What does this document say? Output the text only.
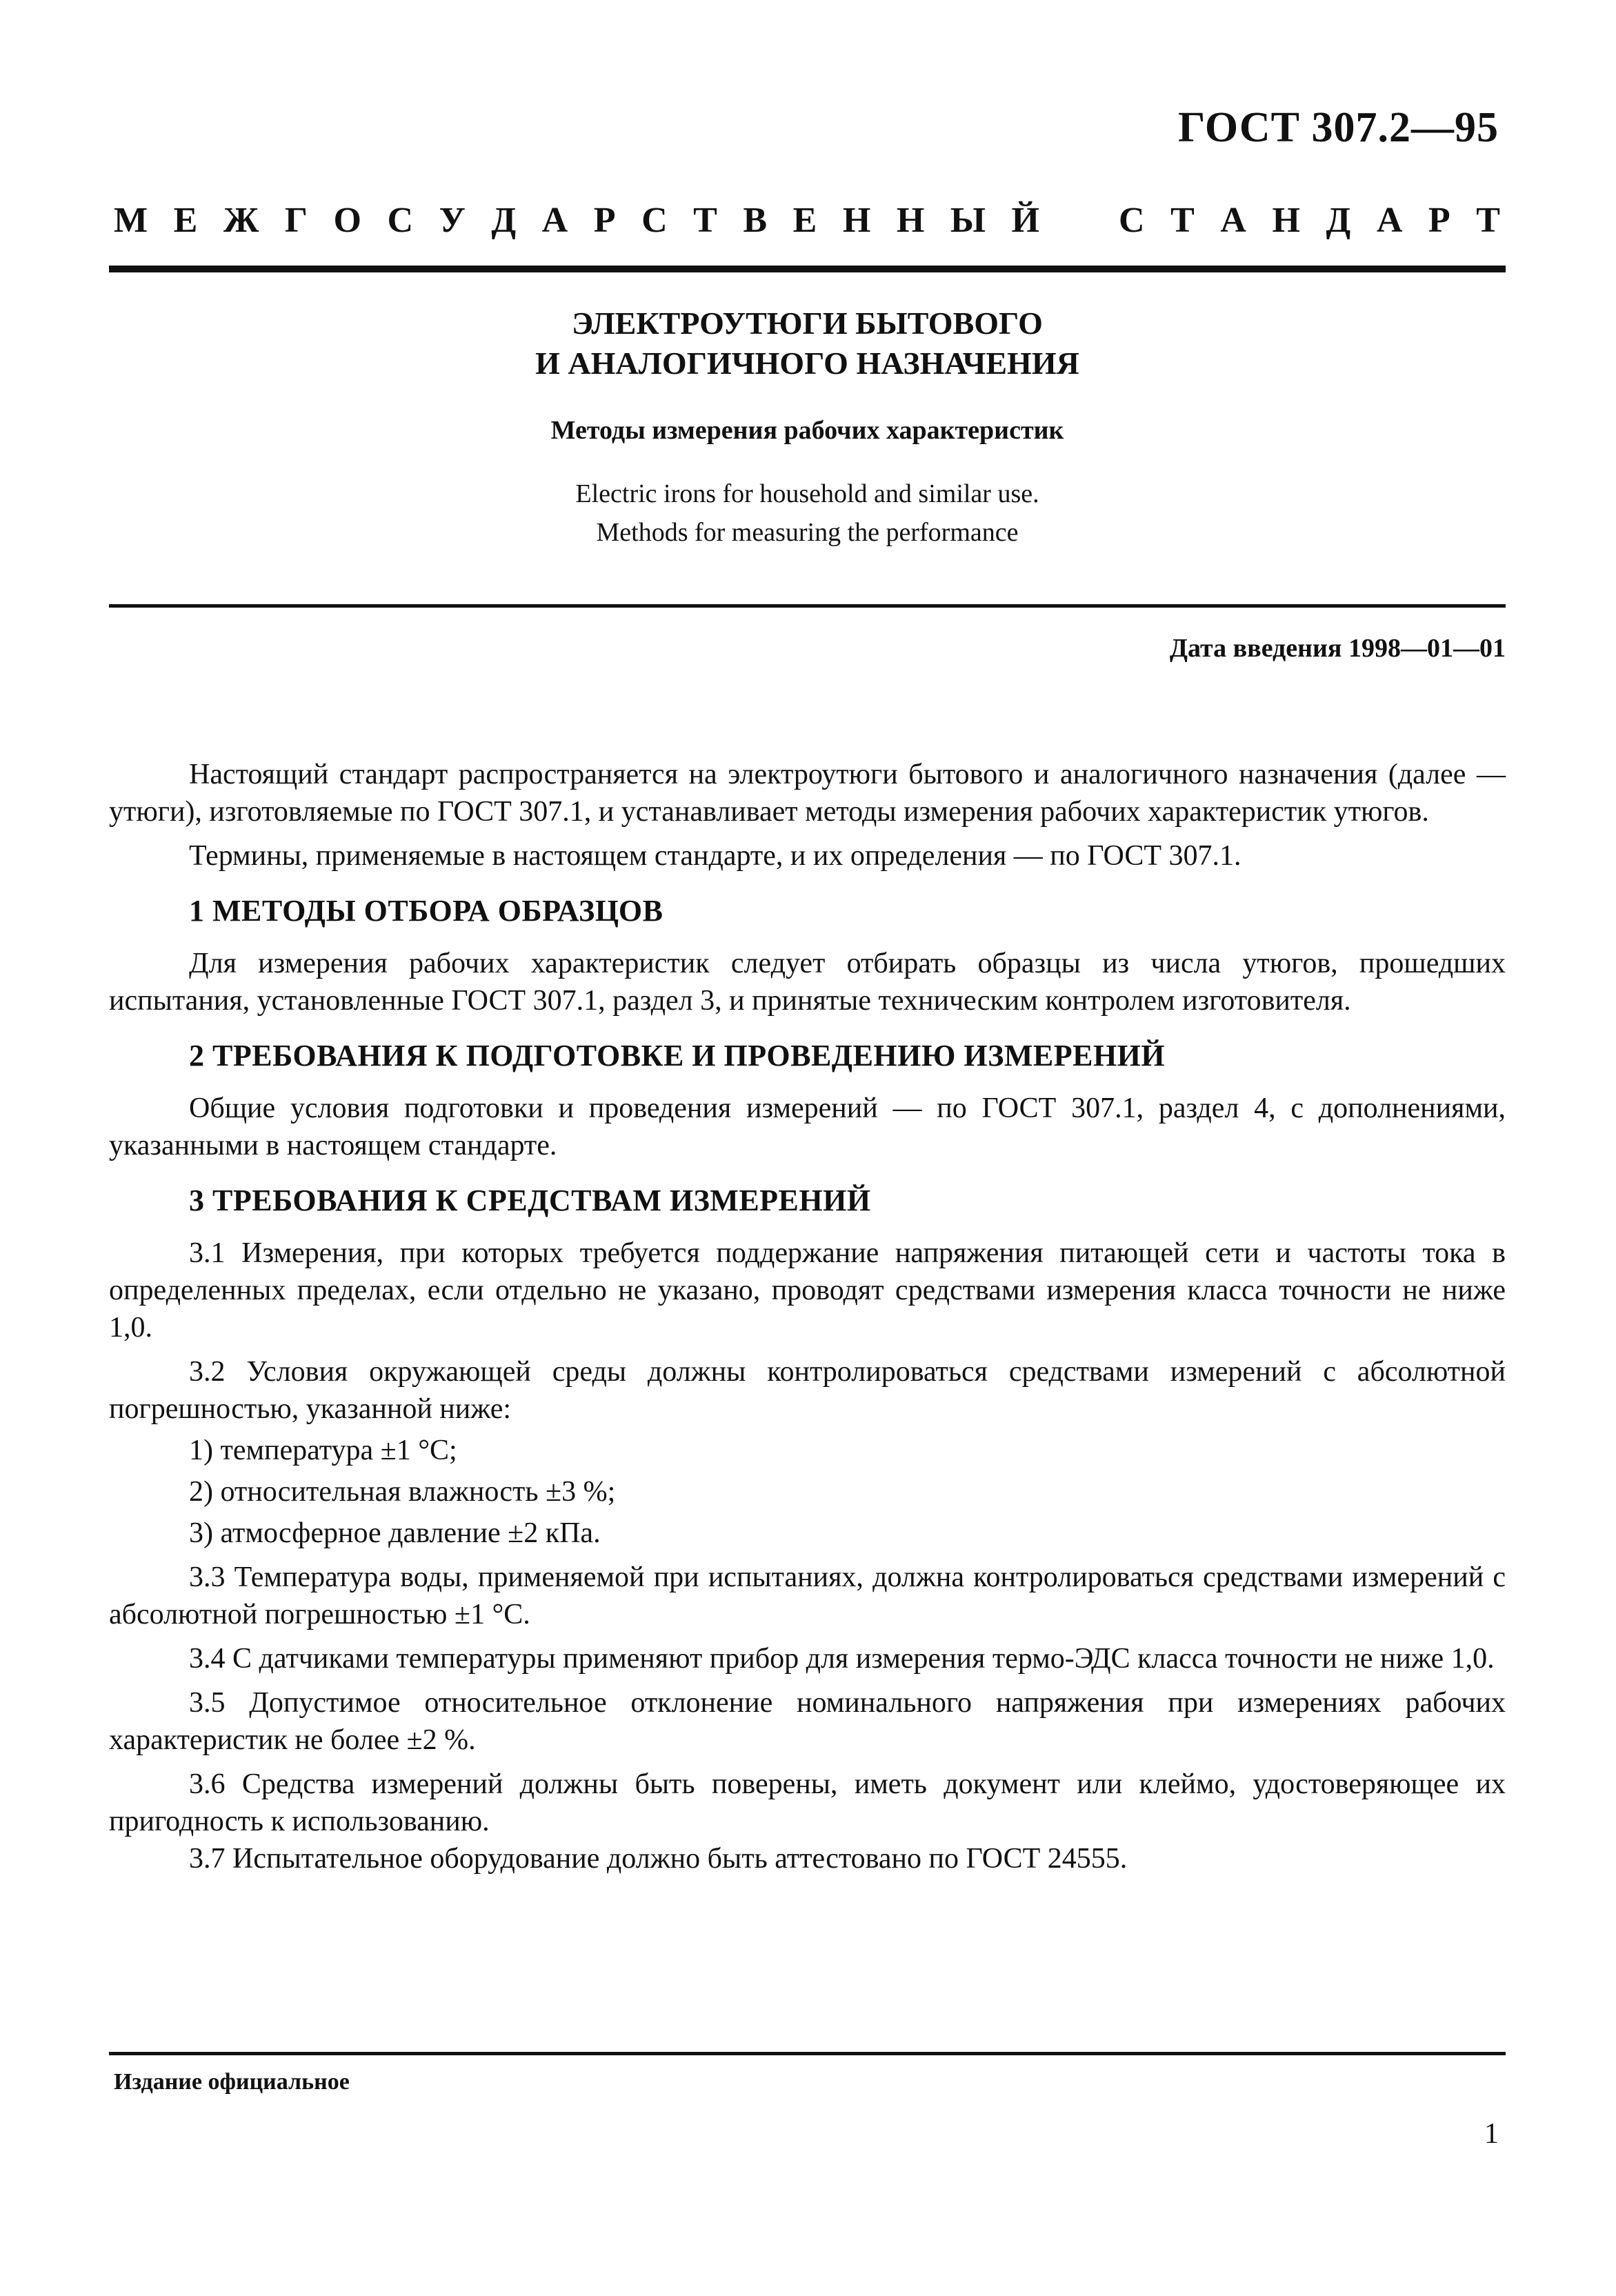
ГОСТ 307.2—95
М Е Ж Г О С У Д А Р С Т В Е Н Н Ы Й С Т А Н Д А Р Т
ЭЛЕКТРОУТЮГИ БЫТОВОГО
И АНАЛОГИЧНОГО НАЗНАЧЕНИЯ
Методы измерения рабочих характеристик
Electric irons for household and similar use.
Methods for measuring the performance
Дата введения 1998—01—01

Настоящий стандарт распространяется на электроутюги бытового и аналогичного назначения (далее — утюги), изготовляемые по ГОСТ 307.1, и устанавливает методы измерения рабочих характеристик утюгов.

Термины, применяемые в настоящем стандарте, и их определения — по ГОСТ 307.1.

1 МЕТОДЫ ОТБОРА ОБРАЗЦОВ

Для измерения рабочих характеристик следует отбирать образцы из числа утюгов, прошедших испытания, установленные ГОСТ 307.1, раздел 3, и принятые техническим контролем изготовителя.

2 ТРЕБОВАНИЯ К ПОДГОТОВКЕ И ПРОВЕДЕНИЮ ИЗМЕРЕНИЙ

Общие условия подготовки и проведения измерений — по ГОСТ 307.1, раздел 4, с дополнениями, указанными в настоящем стандарте.

3 ТРЕБОВАНИЯ К СРЕДСТВАМ ИЗМЕРЕНИЙ

3.1 Измерения, при которых требуется поддержание напряжения питающей сети и частоты тока в определенных пределах, если отдельно не указано, проводят средствами измерения класса точности не ниже 1,0.

3.2 Условия окружающей среды должны контролироваться средствами измерений с абсолютной погрешностью, указанной ниже:

1) температура ±1 °С;

2) относительная влажность ±3 %;

3) атмосферное давление ±2 кПа.

3.3 Температура воды, применяемой при испытаниях, должна контролироваться средствами измерений с абсолютной погрешностью ±1 °С.

3.4 С датчиками температуры применяют прибор для измерения термо-ЭДС класса точности не ниже 1,0.

3.5 Допустимое относительное отклонение номинального напряжения при измерениях рабочих характеристик не более ±2 %.

3.6 Средства измерений должны быть поверены, иметь документ или клеймо, удостоверяющее их пригодность к использованию.

3.7 Испытательное оборудование должно быть аттестовано по ГОСТ 24555.

Издание официальное
1
